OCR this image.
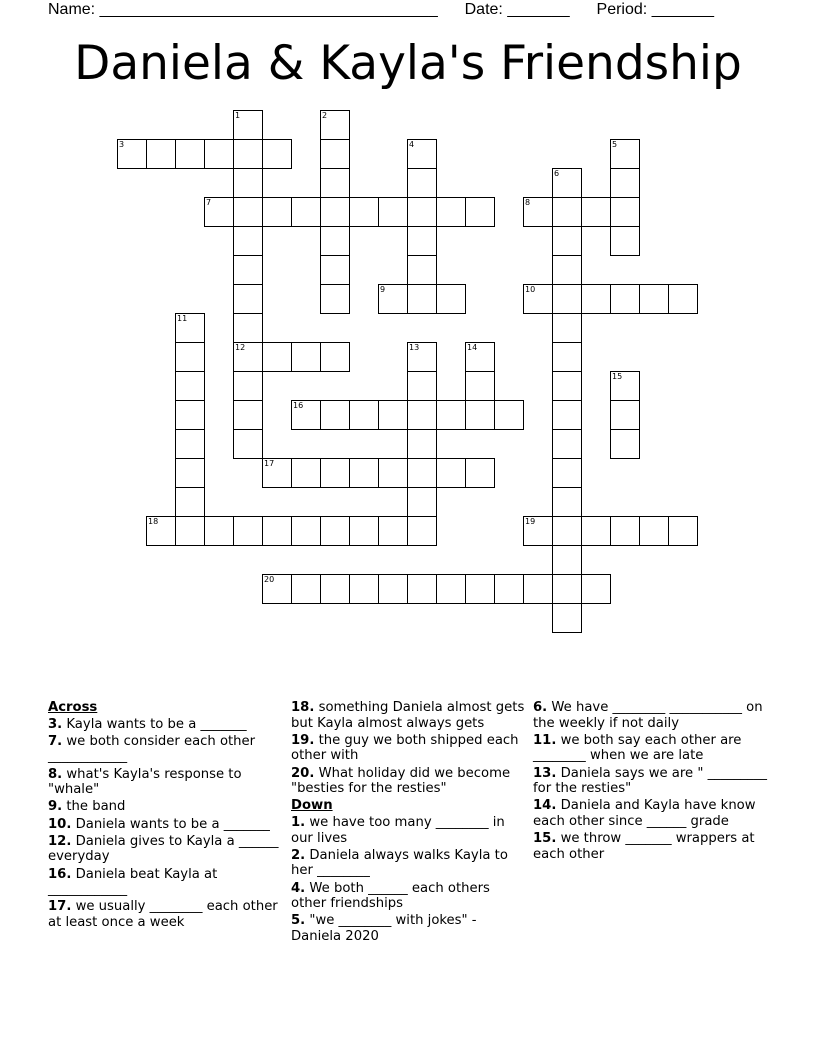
Name: ______________________________________ Date: _______ Period: _______
Daniela & Kayla's Friendship
1
12
2
3	4	5
6
7	8
9	10
11
13	14
15
16
17
18	19
20
Across
3. Kayla wants to be a _______
7. we both consider each other ____________
8. what's Kayla's response to "whale"
9. the band
10. Daniela wants to be a _______
12. Daniela gives to Kayla a ______ everyday
16. Daniela beat Kayla at ____________
17. we usually ________ each other at least once a week
18. something Daniela almost gets but Kayla almost always gets
19. the guy we both shipped each other with
20. What holiday did we become "besties for the resties"
Down
1. we have too many ________ in our lives
2. Daniela always walks Kayla to her ________
4. We both ______ each others other friendships
5. "we ________ with jokes" - Daniela 2020
6. We have ________ ___________ on the weekly if not daily
11. we both say each other are ________ when we are late
13. Daniela says we are " _________ for the resties"
14. Daniela and Kayla have know each other since ______ grade
15. we throw _______ wrappers at each other
